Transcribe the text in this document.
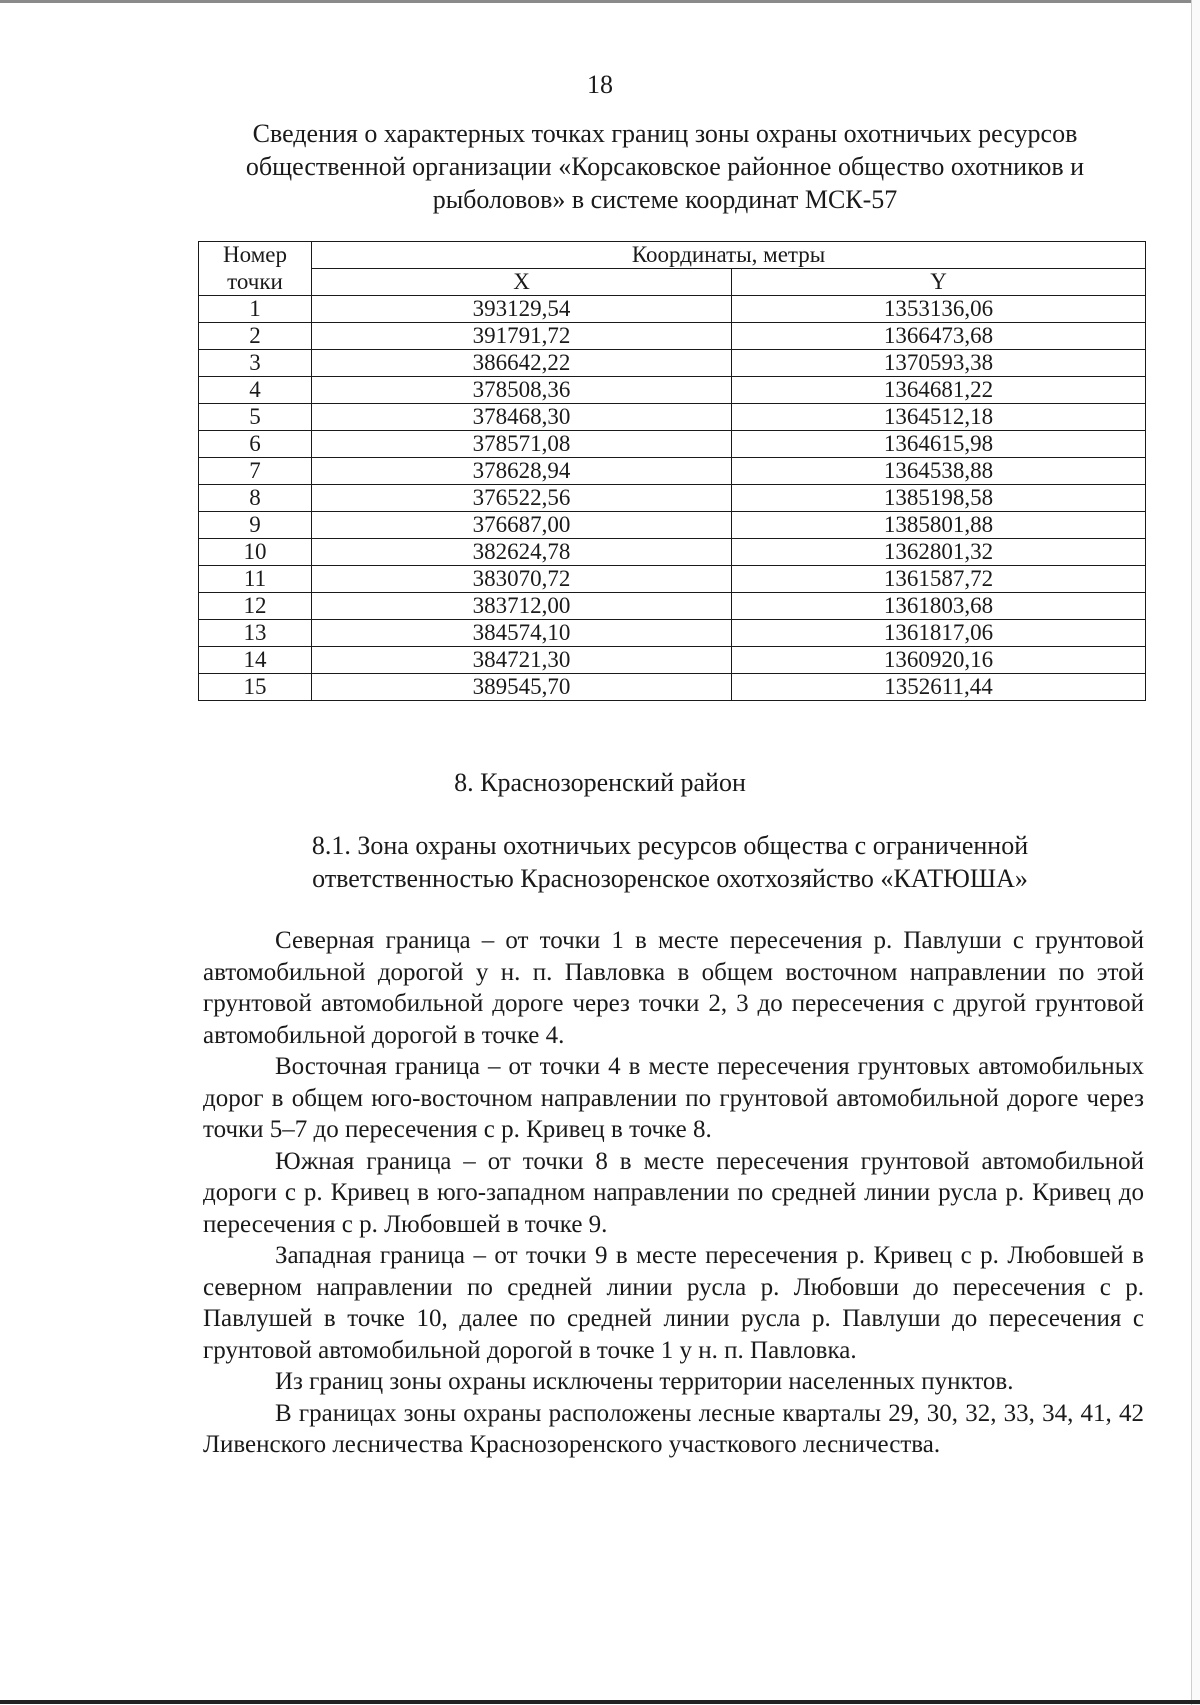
18
Сведения о характерных точках границ зоны охраны охотничьих ресурсов общественной организации «Корсаковское районное общество охотников и рыболовов» в системе координат МСК-57
Номер	Координаты, метры	
точки	X	Y
1	393129,54	1353136,06
2	391791,72	1366473,68
3	386642,22	1370593,38
4	378508,36	1364681,22
5	378468,30	1364512,18
6	378571,08	1364615,98
7	378628,94	1364538,88
8	376522,56	1385198,58
9	376687,00	1385801,88
10	382624,78	1362801,32
11	383070,72	1361587,72
12	383712,00	1361803,68
13	384574,10	1361817,06
14	384721,30	1360920,16
15	389545,70	1352611,44
8. Краснозоренский район
8.1. Зона охраны охотничьих ресурсов общества с ограниченной ответственностью Краснозоренское охотхозяйство «КАТЮША»

Северная граница – от точки 1 в месте пересечения р. Павлуши с грунтовой автомобильной дорогой у н. п. Павловка в общем восточном направлении по этой грунтовой автомобильной дороге через точки 2, 3 до пересечения с другой грунтовой автомобильной дорогой в точке 4.

Восточная граница – от точки 4 в месте пересечения грунтовых автомобильных дорог в общем юго-восточном направлении по грунтовой автомобильной дороге через точки 5–7 до пересечения с р. Кривец в точке 8.

Южная граница – от точки 8 в месте пересечения грунтовой автомобильной дороги с р. Кривец в юго-западном направлении по средней линии русла р. Кривец до пересечения с р. Любовшей в точке 9.

Западная граница – от точки 9 в месте пересечения р. Кривец с р. Любовшей в северном направлении по средней линии русла р. Любовши до пересечения с р. Павлушей в точке 10, далее по средней линии русла р. Павлуши до пересечения с грунтовой автомобильной дорогой в точке 1 у н. п. Павловка.

Из границ зоны охраны исключены территории населенных пунктов.

В границах зоны охраны расположены лесные кварталы 29, 30, 32, 33, 34, 41, 42 Ливенского лесничества Краснозоренского участкового лесничества.
